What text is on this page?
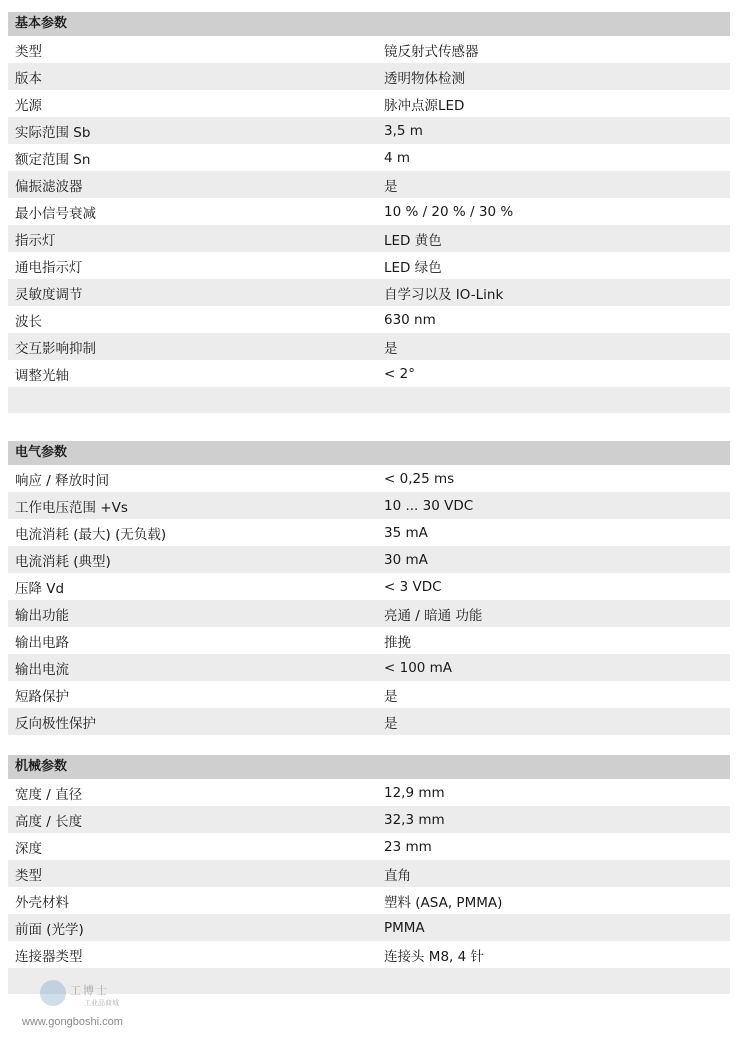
基本参数
类型	镜反射式传感器
版本	透明物体检测
光源	脉冲点源LED
实际范围 Sb	3,5 m
额定范围 Sn	4 m
偏振滤波器	是
最小信号衰减	10 % / 20 % / 30 %
指示灯	LED 黄色
通电指示灯	LED 绿色
灵敏度调节	自学习以及 IO-Link
波长	630 nm
交互影响抑制	是
调整光轴	< 2°
电气参数
响应 / 释放时间	< 0,25 ms
工作电压范围 +Vs	10 ... 30 VDC
电流消耗 (最大) (无负载)	35 mA
电流消耗 (典型)	30 mA
压降 Vd	< 3 VDC
输出功能	亮通 / 暗通 功能
输出电路	推挽
输出电流	< 100 mA
短路保护	是
反向极性保护	是
机械参数
宽度 / 直径	12,9 mm
高度 / 长度	32,3 mm
深度	23 mm
类型	直角
外壳材料	塑料 (ASA, PMMA)
前面 (光学)	PMMA
连接器类型	连接头 M8, 4 针
工博士
工业品商城
www.gongboshi.com
